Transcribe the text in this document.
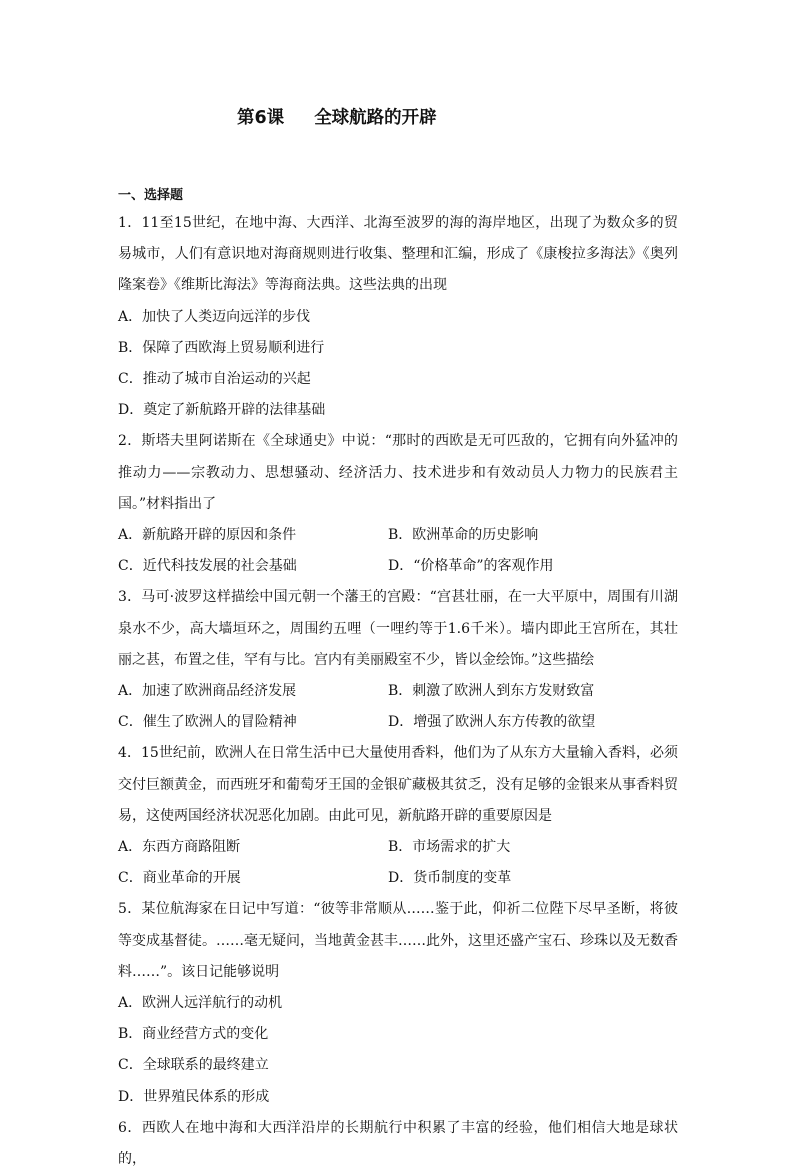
第6课 全球航路的开辟
一、选择题

1．11至15世纪，在地中海、大西洋、北海至波罗的海的海岸地区，出现了为数众多的贸易城市，人们有意识地对海商规则进行收集、整理和汇编，形成了《康梭拉多海法》《奥列隆案卷》《维斯比海法》等海商法典。这些法典的出现

A．加快了人类迈向远洋的步伐
B．保障了西欧海上贸易顺利进行
C．推动了城市自治运动的兴起
D．奠定了新航路开辟的法律基础

2．斯塔夫里阿诺斯在《全球通史》中说：“那时的西欧是无可匹敌的，它拥有向外猛冲的推动力——宗教动力、思想骚动、经济活力、技术进步和有效动员人力物力的民族君主国。”材料指出了

A．新航路开辟的原因和条件	B．欧洲革命的历史影响
C．近代科技发展的社会基础	D．“价格革命”的客观作用

3．马可·波罗这样描绘中国元朝一个藩王的宫殿：“宫甚壮丽，在一大平原中，周围有川湖泉水不少，高大墙垣环之，周围约五哩（一哩约等于1.6千米）。墙内即此王宫所在，其壮丽之甚，布置之佳，罕有与比。宫内有美丽殿室不少，皆以金绘饰。”这些描绘

A．加速了欧洲商品经济发展	B．刺激了欧洲人到东方发财致富
C．催生了欧洲人的冒险精神	D．增强了欧洲人东方传教的欲望

4．15世纪前，欧洲人在日常生活中已大量使用香料，他们为了从东方大量输入香料，必须交付巨额黄金，而西班牙和葡萄牙王国的金银矿藏极其贫乏，没有足够的金银来从事香料贸易，这使两国经济状况恶化加剧。由此可见，新航路开辟的重要原因是

A．东西方商路阻断	B．市场需求的扩大
C．商业革命的开展	D．货币制度的变革

5．某位航海家在日记中写道：“彼等非常顺从……鉴于此，仰祈二位陛下尽早圣断，将彼等变成基督徒。……毫无疑问，当地黄金甚丰……此外，这里还盛产宝石、珍珠以及无数香料……”。该日记能够说明

A．欧洲人远洋航行的动机
B．商业经营方式的变化
C．全球联系的最终建立
D．世界殖民体系的形成

6．西欧人在地中海和大西洋沿岸的长期航行中积累了丰富的经验，他们相信大地是球状的，
